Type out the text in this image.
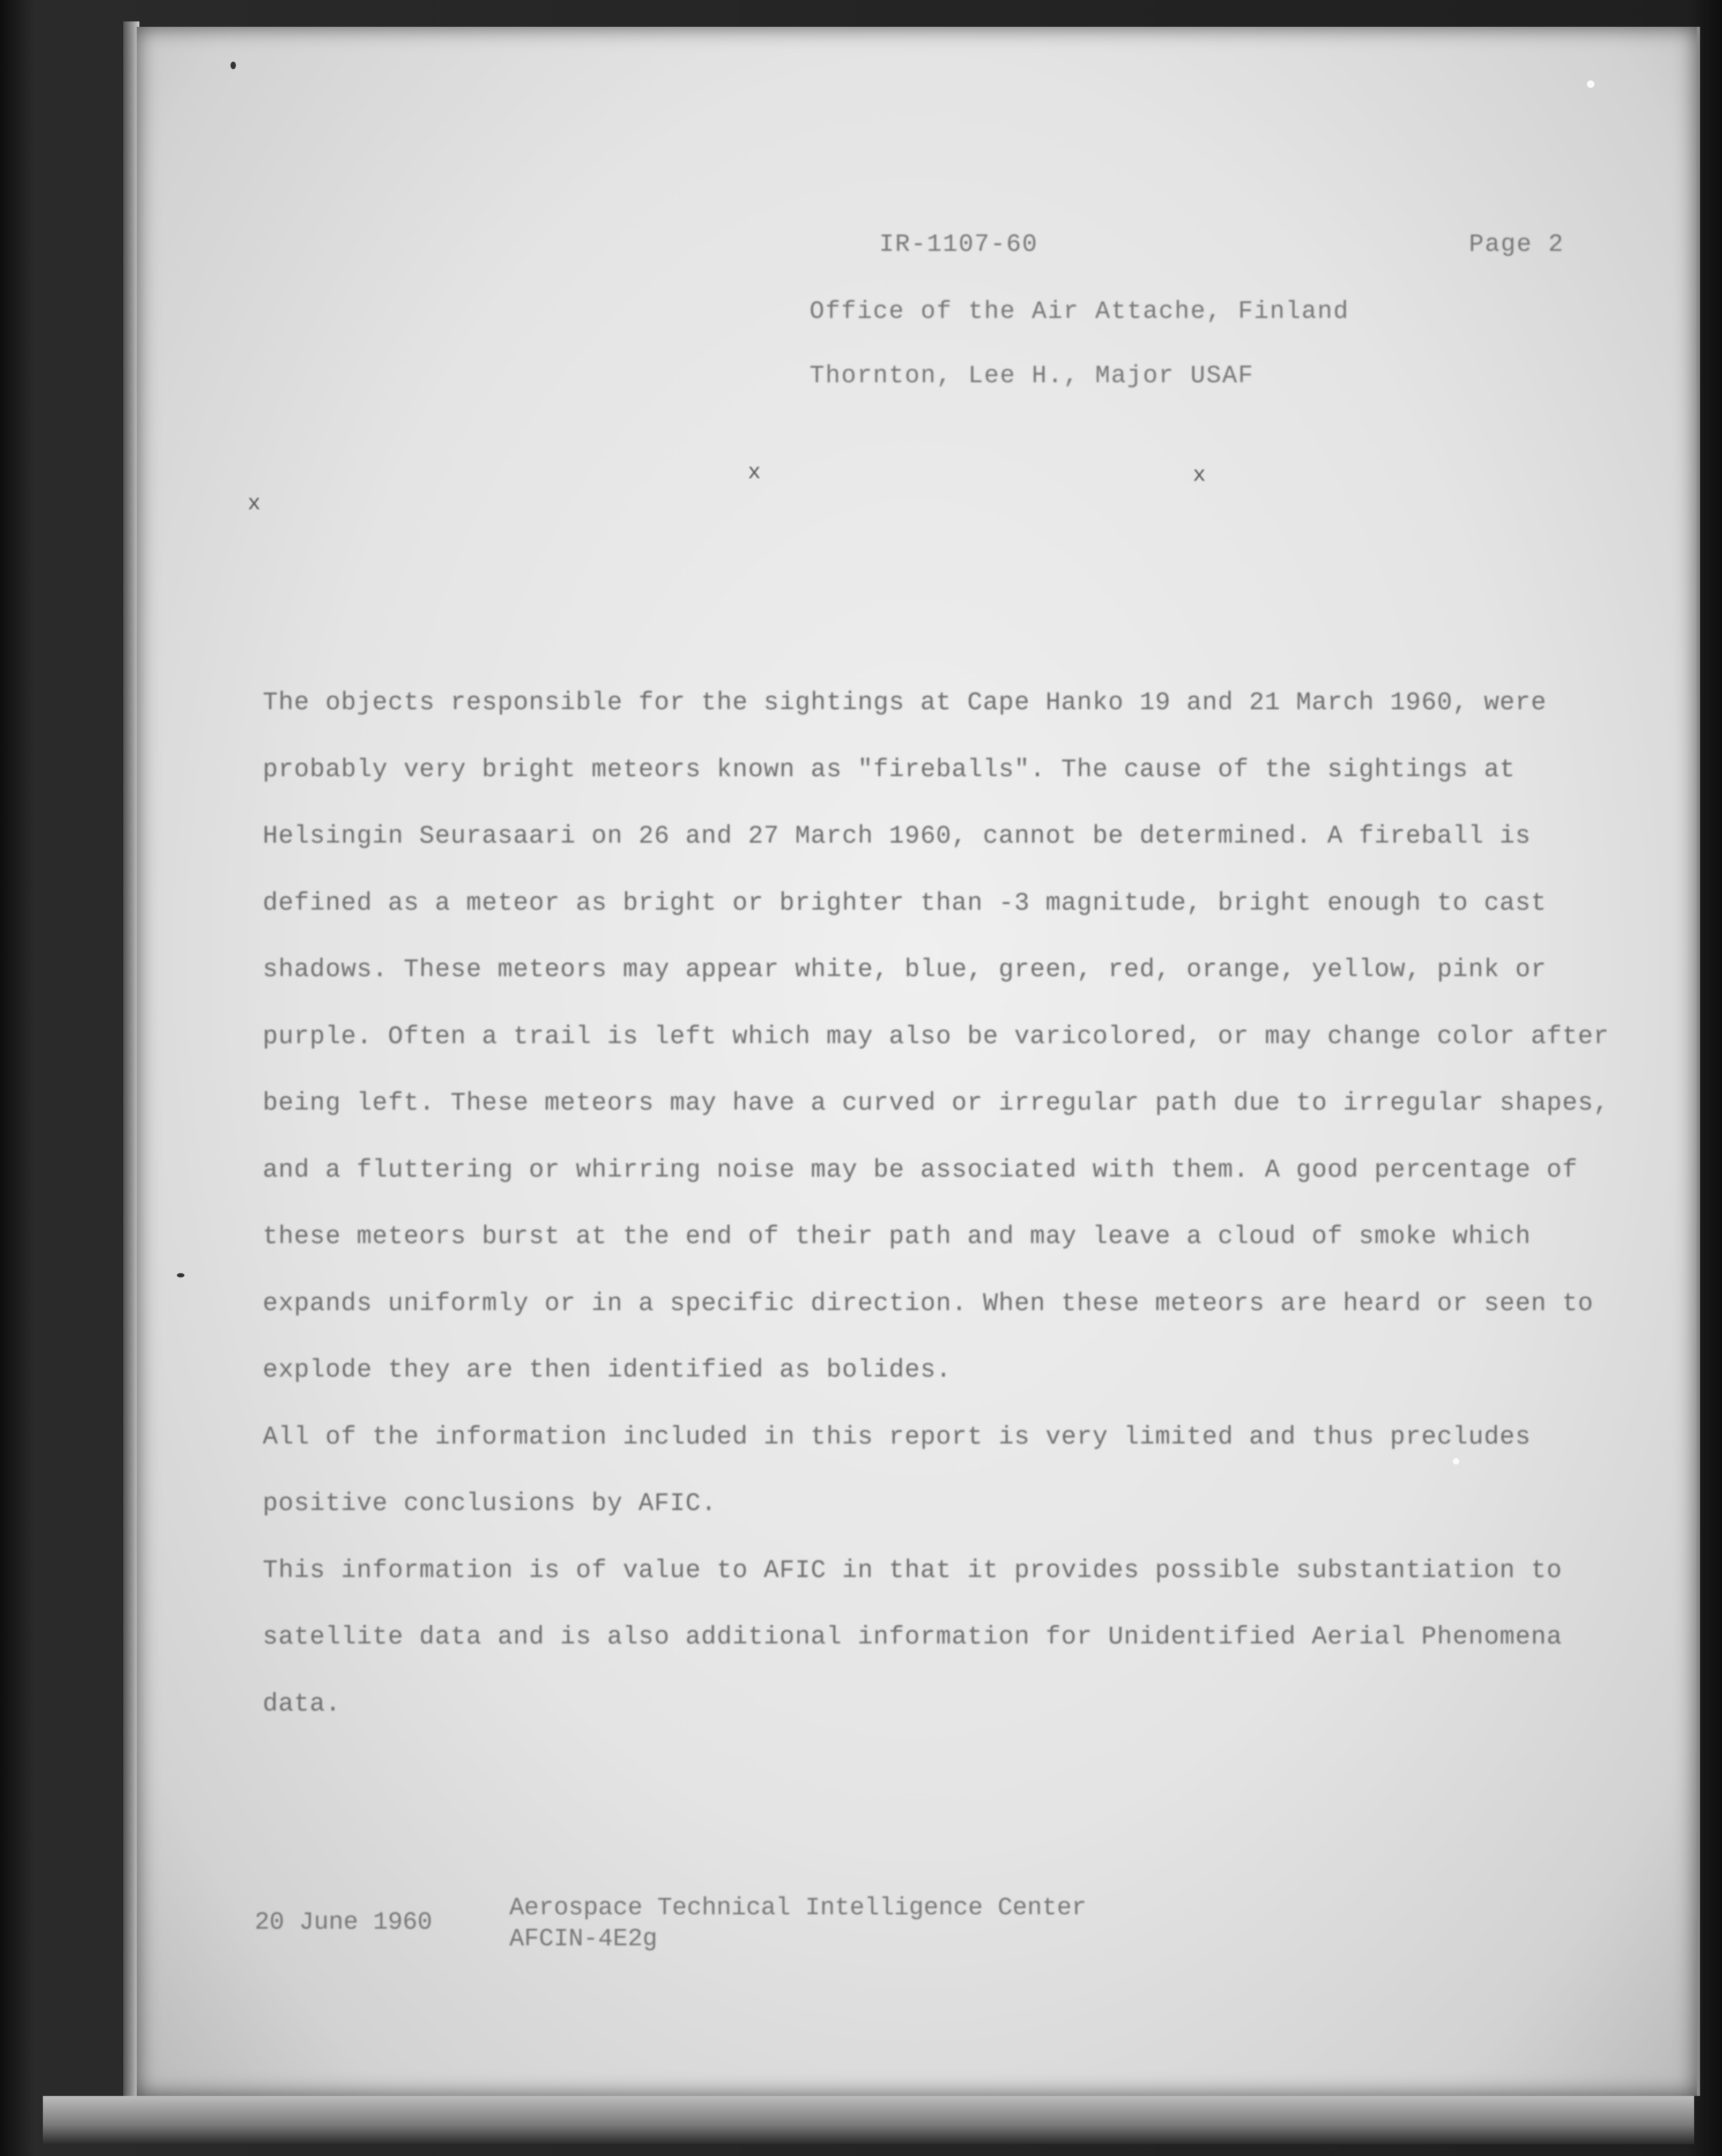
IR-1107-60	Page 2
Office of the Air Attache, Finland
Thornton, Lee H., Major USAF
x	x
x

The objects responsible for the sightings at Cape Hanko 19 and 21 March 1960, were probably very bright meteors known as "fireballs". The cause of the sightings at Helsingin Seurasaari on 26 and 27 March 1960, cannot be determined. A fireball is defined as a meteor as bright or brighter than -3 magnitude, bright enough to cast shadows. These meteors may appear white, blue, green, red, orange, yellow, pink or purple. Often a trail is left which may also be varicolored, or may change color after being left. These meteors may have a curved or irregular path due to irregular shapes, and a fluttering or whirring noise may be associated with them. A good percentage of these meteors burst at the end of their path and may leave a cloud of smoke which expands uniformly or in a specific direction. When these meteors are heard or seen to explode they are then identified as bolides.

All of the information included in this report is very limited and thus precludes positive conclusions by AFIC.

This information is of value to AFIC in that it provides possible substantiation to satellite data and is also additional information for Unidentified Aerial Phenomena data.

20 June 1960
Aerospace Technical Intelligence Center
AFCIN-4E2g
